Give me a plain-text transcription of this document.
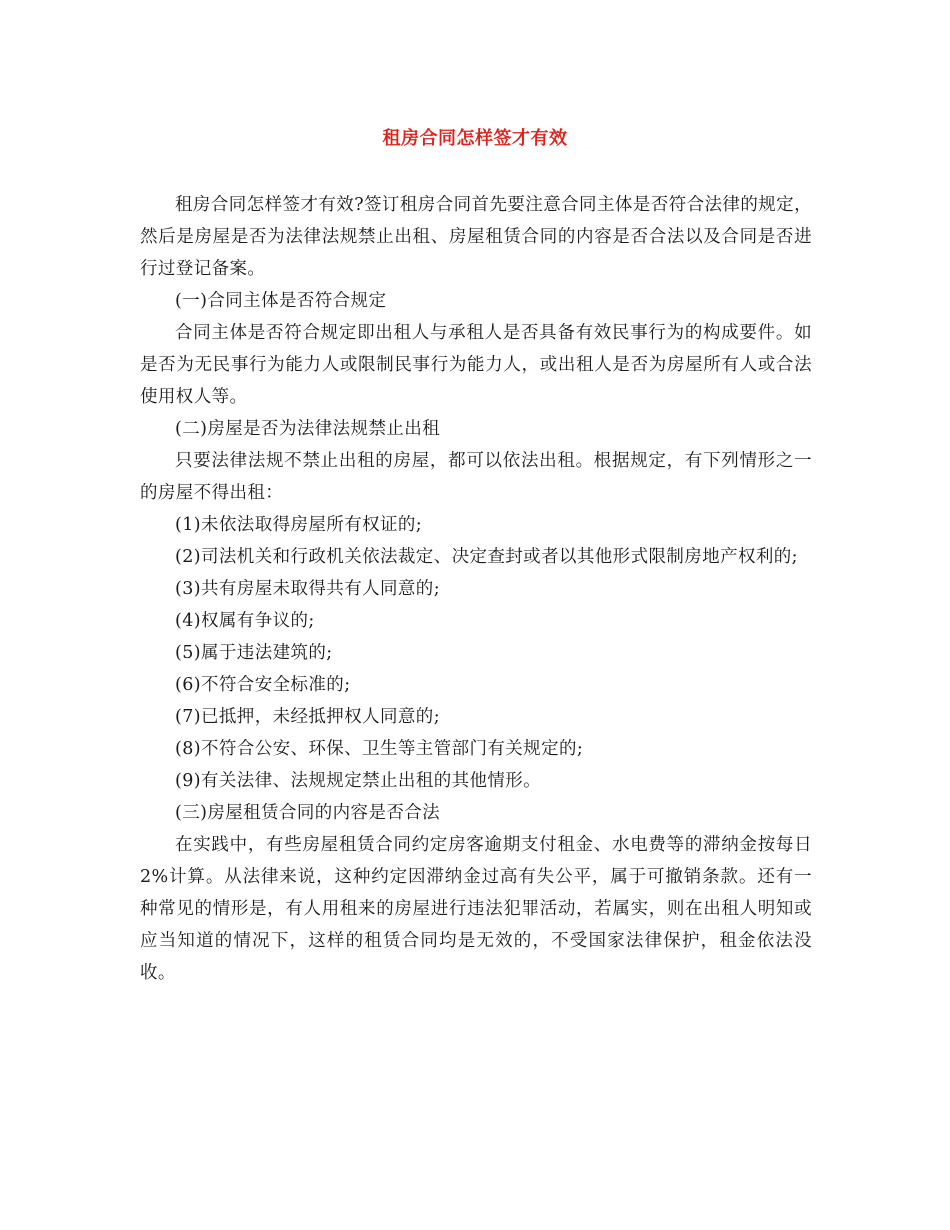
租房合同怎样签才有效

租房合同怎样签才有效?签订租房合同首先要注意合同主体是否符合法律的规定，然后是房屋是否为法律法规禁止出租、房屋租赁合同的内容是否合法以及合同是否进行过登记备案。

(一)合同主体是否符合规定

合同主体是否符合规定即出租人与承租人是否具备有效民事行为的构成要件。如是否为无民事行为能力人或限制民事行为能力人，或出租人是否为房屋所有人或合法使用权人等。

(二)房屋是否为法律法规禁止出租

只要法律法规不禁止出租的房屋，都可以依法出租。根据规定，有下列情形之一的房屋不得出租：

(1)未依法取得房屋所有权证的;

(2)司法机关和行政机关依法裁定、决定查封或者以其他形式限制房地产权利的;

(3)共有房屋未取得共有人同意的;

(4)权属有争议的;

(5)属于违法建筑的;

(6)不符合安全标准的;

(7)已抵押，未经抵押权人同意的;

(8)不符合公安、环保、卫生等主管部门有关规定的;

(9)有关法律、法规规定禁止出租的其他情形。

(三)房屋租赁合同的内容是否合法

在实践中，有些房屋租赁合同约定房客逾期支付租金、水电费等的滞纳金按每日2%计算。从法律来说，这种约定因滞纳金过高有失公平，属于可撤销条款。还有一种常见的情形是，有人用租来的房屋进行违法犯罪活动，若属实，则在出租人明知或应当知道的情况下，这样的租赁合同均是无效的，不受国家法律保护，租金依法没收。
